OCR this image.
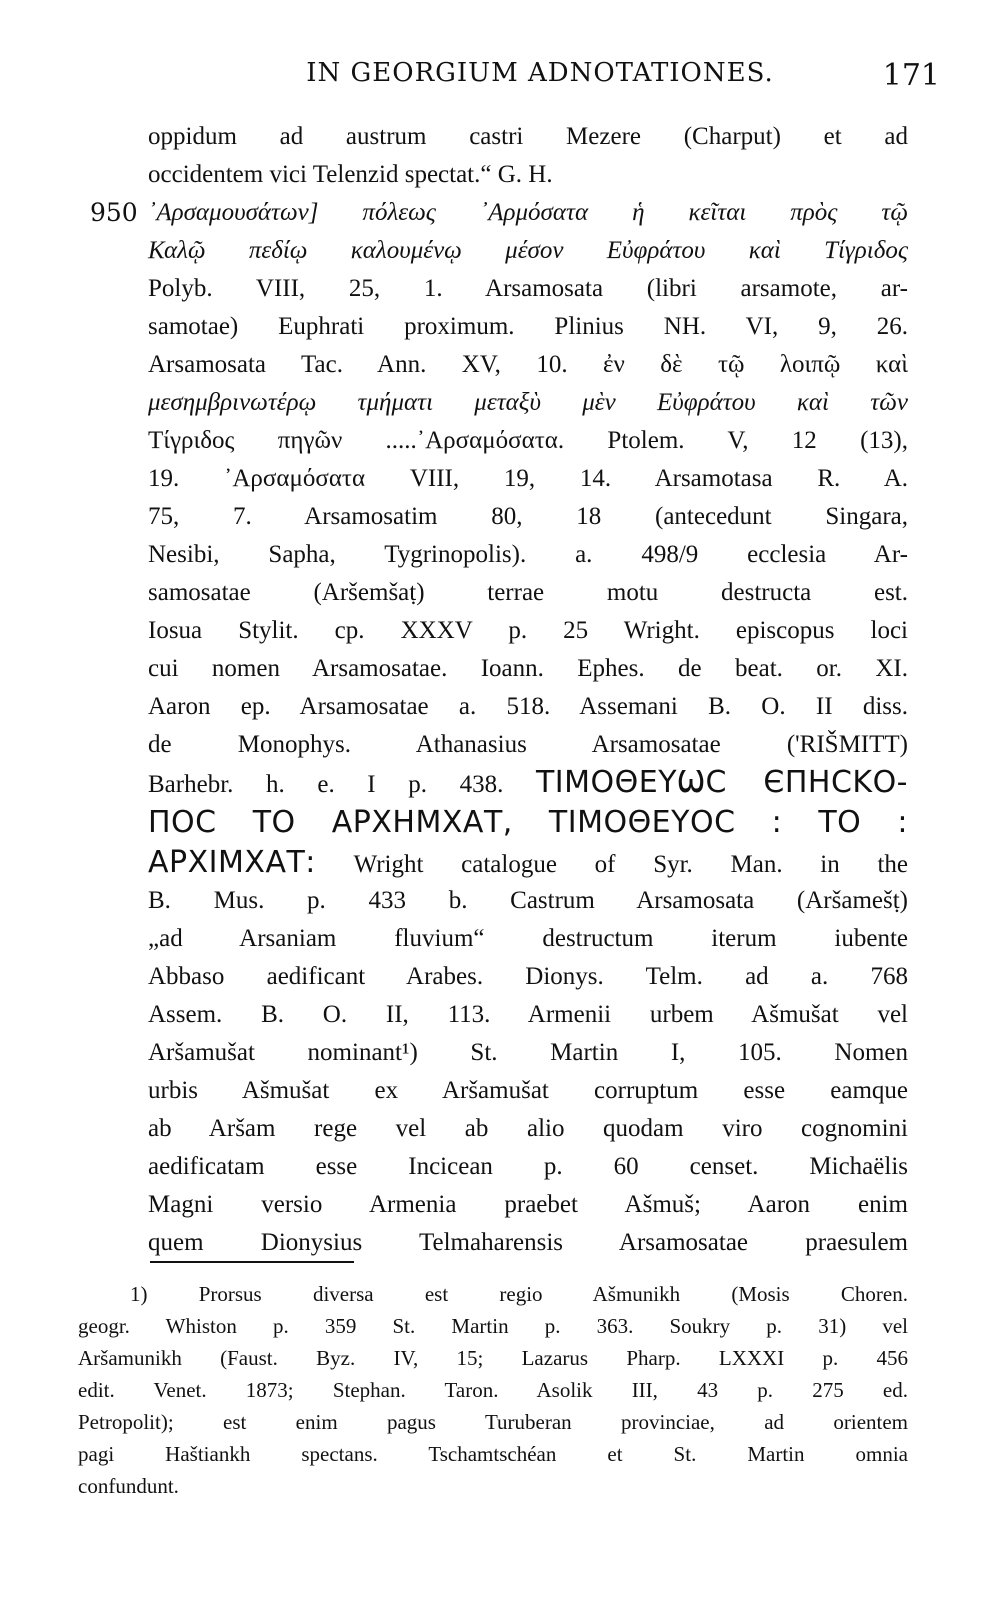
IN GEORGIUM ADNOTATIONES.	171
oppidum ad austrum castri Mezere (Charput) et ad
occidentem vici Telenzid spectat.“ G. H.
950 ᾿Αρσαμουσάτων] πόλεως ᾿Αρμόσατα ἡ κεῖται πρὸς τῷ
Καλῷ πεδίῳ καλουμένῳ μέσον Εὐφράτου καὶ Τίγριδος
Polyb. VIII, 25, 1. Arsamosata (libri arsamote, ar-
samotae) Euphrati proximum. Plinius NH. VI, 9, 26.
Arsamosata Tac. Ann. XV, 10. ἐν δὲ τῷ λοιπῷ καὶ
μεσημβρινωτέρῳ τμήματι μεταξὺ μὲν Εὐφράτου καὶ τῶν
Τίγριδος πηγῶν .....᾿Αρσαμόσατα. Ptolem. V, 12 (13),
19. ᾿Αρσαμόσατα VIII, 19, 14. Arsamotasa R. A.
75, 7. Arsamosatim 80, 18 (antecedunt Singara,
Nesibi, Sapha, Tygrinopolis). a. 498/9 ecclesia Ar-
samosatae (Aršemšaṭ) terrae motu destructa est.
Iosua Stylit. cp. XXXV p. 25 Wright. episcopus loci
cui nomen Arsamosatae. Ioann. Ephes. de beat. or. XI.
Aaron ep. Arsamosatae a. 518. Assemani B. O. II diss.
de Monophys. Athanasius Arsamosatae ('RIŠMITT)
Barhebr. h. e. I p. 438. ΤΙΜΟΘΕΥѠϹ ЄΠΗϹΚΟ-
ΠΟϹ ΤΟ ΑΡΧΗΜΧΑΤ, ΤΙΜΟΘΕΥΟϹ : ΤΟ :
ΑΡΧΙΜΧΑΤ: Wright catalogue of Syr. Man. in the
B. Mus. p. 433 b. Castrum Arsamosata (Aršamešṭ)
„ad Arsaniam fluvium“ destructum iterum iubente
Abbaso aedificant Arabes. Dionys. Telm. ad a. 768
Assem. B. O. II, 113. Armenii urbem Ašmušat vel
Aršamušat nominant¹) St. Martin I, 105. Nomen
urbis Ašmušat ex Aršamušat corruptum esse eamque
ab Aršam rege vel ab alio quodam viro cognomini
aedificatam esse Incicean p. 60 censet. Michaëlis
Magni versio Armenia praebet Ašmuš; Aaron enim
quem Dionysius Telmaharensis Arsamosatae praesulem
1) Prorsus diversa est regio Ašmunikh (Mosis Choren.
geogr. Whiston p. 359 St. Martin p. 363. Soukry p. 31) vel
Aršamunikh (Faust. Byz. IV, 15; Lazarus Pharp. LXXXI p. 456
edit. Venet. 1873; Stephan. Taron. Asolik III, 43 p. 275 ed.
Petropolit); est enim pagus Turuberan provinciae, ad orientem
pagi Haštiankh spectans. Tschamtschéan et St. Martin omnia
confundunt.
